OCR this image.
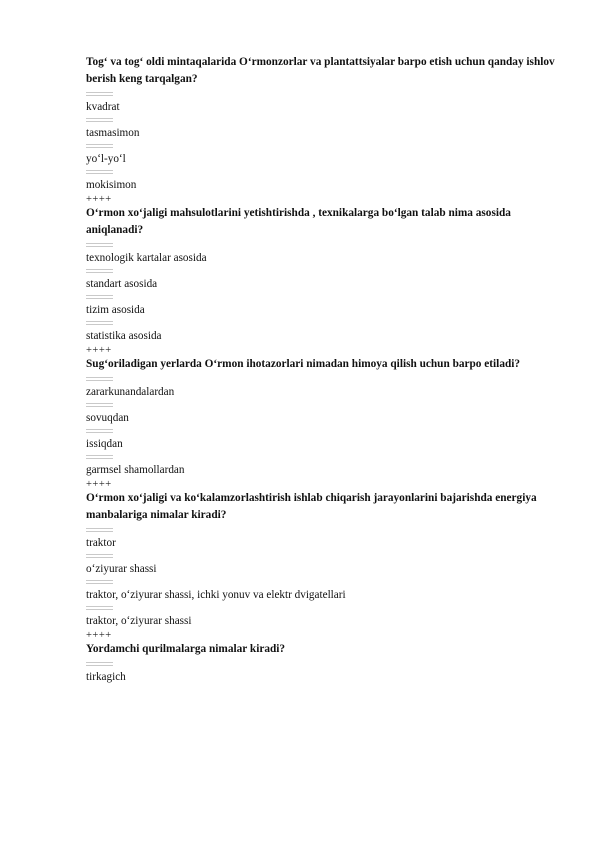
Tog‘ va tog‘ oldi mintaqalarida O‘rmonzorlar va plantattsiyalar barpo etish uchun qanday ishlov berish keng tarqalgan?

kvadrat

tasmasimon

yo‘l-yo‘l

mokisimon

++++

O‘rmon xo‘jaligi mahsulotlarini yetishtirishda , texnikalarga bo‘lgan talab nima asosida aniqlanadi?

texnologik kartalar asosida

standart asosida

tizim asosida

statistika asosida

++++

Sug‘oriladigan yerlarda O‘rmon ihotazorlari nimadan himoya qilish uchun barpo etiladi?

zararkunandalardan

sovuqdan

issiqdan

garmsel shamollardan

++++

O‘rmon xo‘jaligi va ko‘kalamzorlashtirish ishlab chiqarish jarayonlarini bajarishda energiya manbalariga nimalar kiradi?

traktor

o‘ziyurar shassi

traktor, o‘ziyurar shassi, ichki yonuv va elektr dvigatellari

traktor, o‘ziyurar shassi

++++

Yordamchi qurilmalarga nimalar kiradi?

tirkagich
